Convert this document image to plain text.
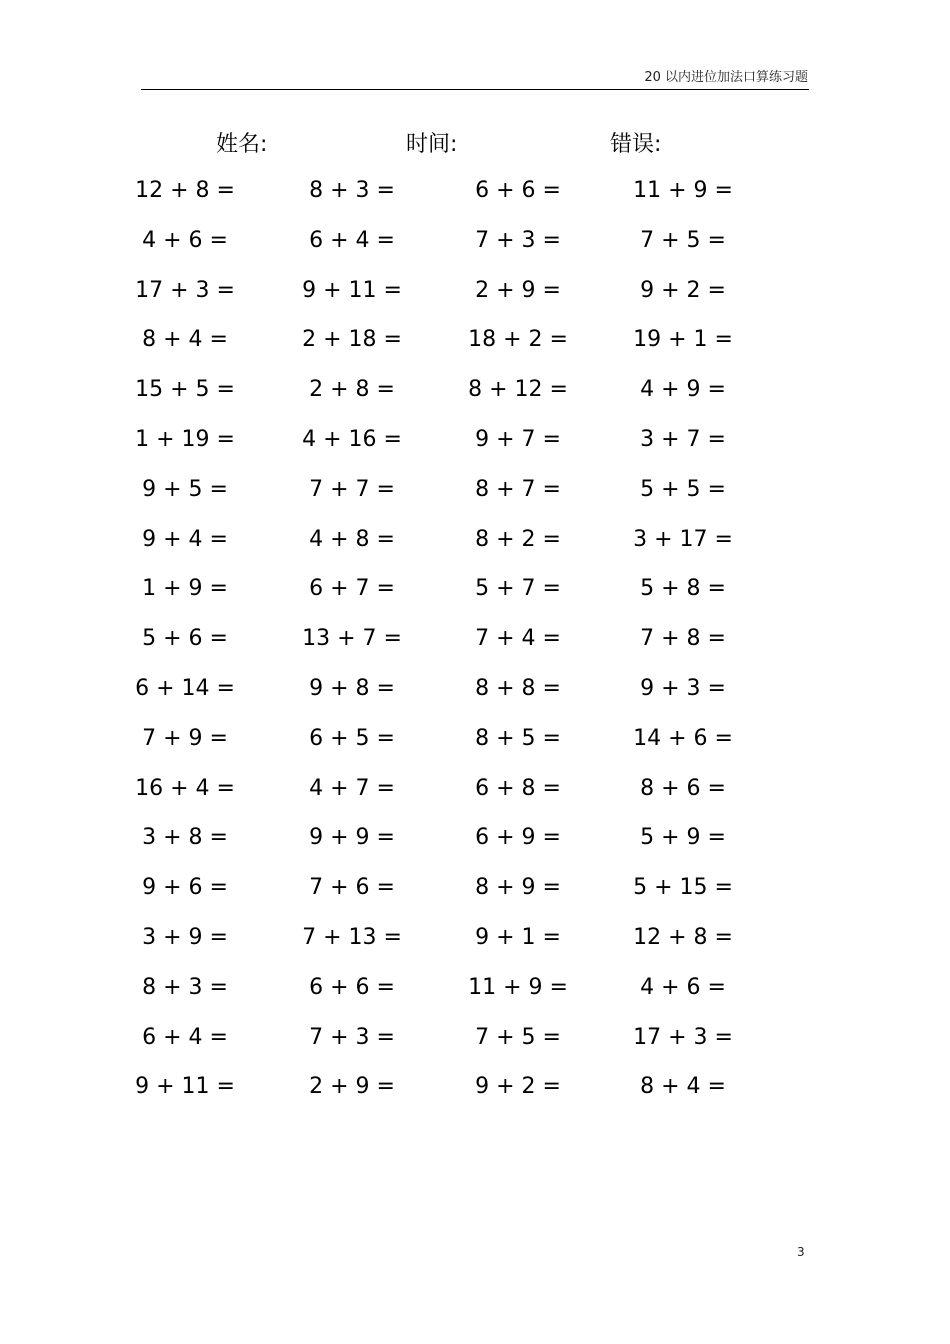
20 以内进位加法口算练习题
姓名:	时间:	错误:
12 + 8 =	8 + 3 =	6 + 6 =	11 + 9 =
4 + 6 =	6 + 4 =	7 + 3 =	7 + 5 =
17 + 3 =	9 + 11 =	2 + 9 =	9 + 2 =
8 + 4 =	2 + 18 =	18 + 2 =	19 + 1 =
15 + 5 =	2 + 8 =	8 + 12 =	4 + 9 =
1 + 19 =	4 + 16 =	9 + 7 =	3 + 7 =
9 + 5 =	7 + 7 =	8 + 7 =	5 + 5 =
9 + 4 =	4 + 8 =	8 + 2 =	3 + 17 =
1 + 9 =	6 + 7 =	5 + 7 =	5 + 8 =
5 + 6 =	13 + 7 =	7 + 4 =	7 + 8 =
6 + 14 =	9 + 8 =	8 + 8 =	9 + 3 =
7 + 9 =	6 + 5 =	8 + 5 =	14 + 6 =
16 + 4 =	4 + 7 =	6 + 8 =	8 + 6 =
3 + 8 =	9 + 9 =	6 + 9 =	5 + 9 =
9 + 6 =	7 + 6 =	8 + 9 =	5 + 15 =
3 + 9 =	7 + 13 =	9 + 1 =	12 + 8 =
8 + 3 =	6 + 6 =	11 + 9 =	4 + 6 =
6 + 4 =	7 + 3 =	7 + 5 =	17 + 3 =
9 + 11 =	2 + 9 =	9 + 2 =	8 + 4 =
3
